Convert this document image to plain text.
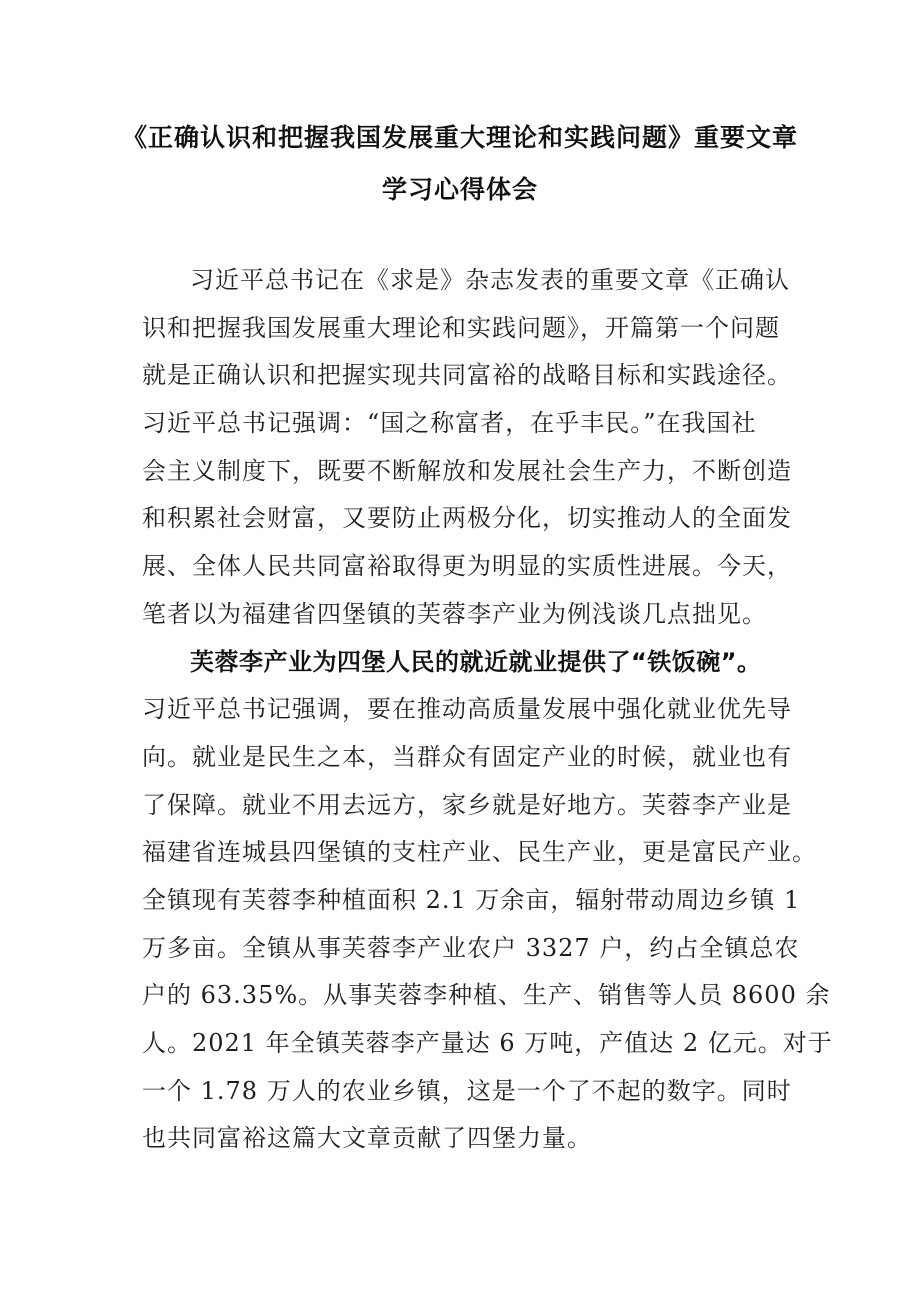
《正确认识和把握我国发展重大理论和实践问题》重要文章
学习心得体会
习近平总书记在《求是》杂志发表的重要文章《正确认
识和把握我国发展重大理论和实践问题》，开篇第一个问题
就是正确认识和把握实现共同富裕的战略目标和实践途径。
习近平总书记强调：“国之称富者，在乎丰民。”在我国社
会主义制度下，既要不断解放和发展社会生产力，不断创造
和积累社会财富，又要防止两极分化，切实推动人的全面发
展、全体人民共同富裕取得更为明显的实质性进展。今天，
笔者以为福建省四堡镇的芙蓉李产业为例浅谈几点拙见。
芙蓉李产业为四堡人民的就近就业提供了“铁饭碗”。
习近平总书记强调，要在推动高质量发展中强化就业优先导
向。就业是民生之本，当群众有固定产业的时候，就业也有
了保障。就业不用去远方，家乡就是好地方。芙蓉李产业是
福建省连城县四堡镇的支柱产业、民生产业，更是富民产业。
全镇现有芙蓉李种植面积 2.1 万余亩，辐射带动周边乡镇 1
万多亩。全镇从事芙蓉李产业农户 3327 户，约占全镇总农
户的 63.35%。从事芙蓉李种植、生产、销售等人员 8600 余
人。2021 年全镇芙蓉李产量达 6 万吨，产值达 2 亿元。对于
一个 1.78 万人的农业乡镇，这是一个了不起的数字。同时
也共同富裕这篇大文章贡献了四堡力量。
